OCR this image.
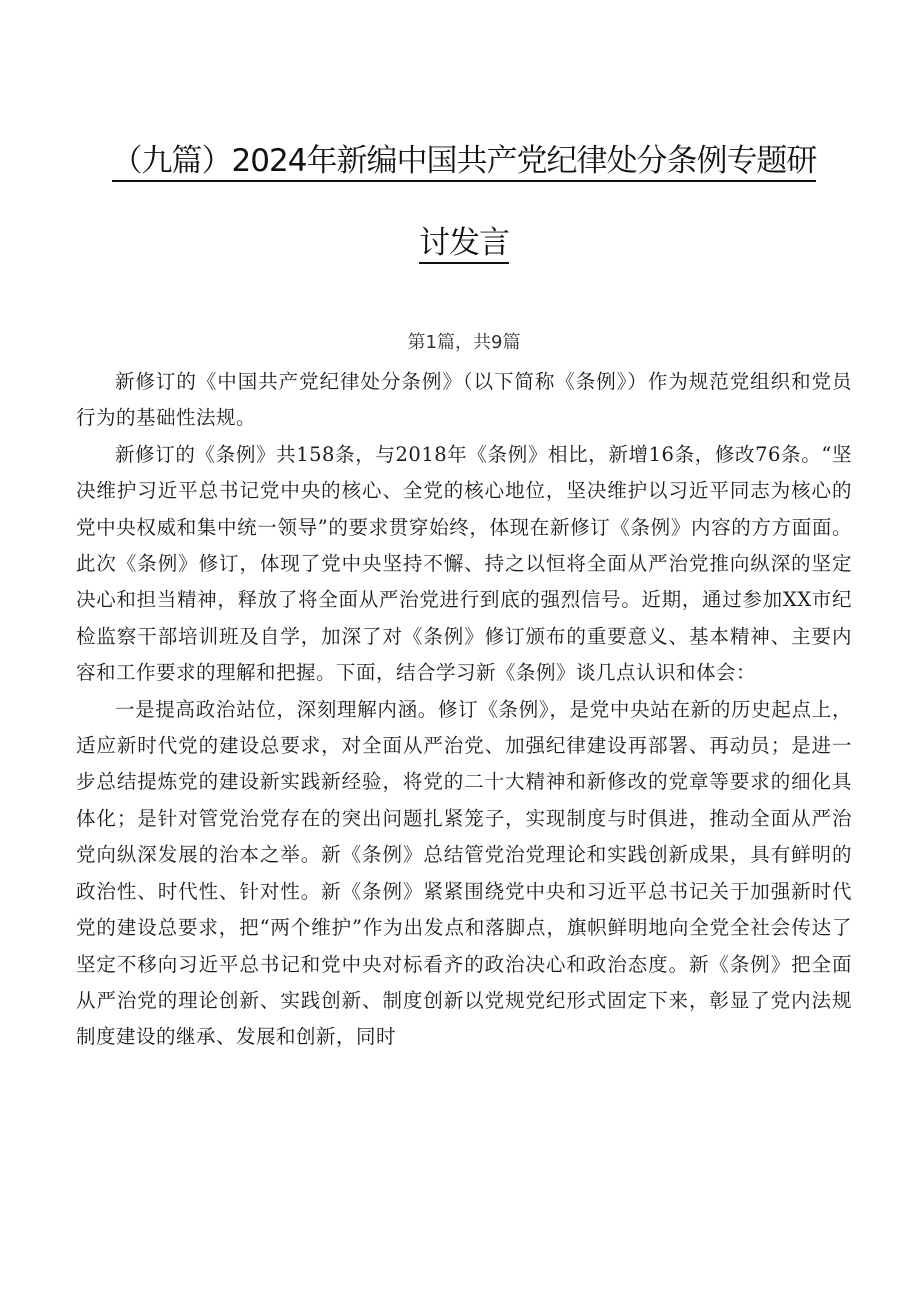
（九篇）2024年新编中国共产党纪律处分条例专题研
讨发言
第1篇，共9篇

新修订的《中国共产党纪律处分条例》（以下简称《条例》）作为规范党组织和党员行为的基础性法规。

新修订的《条例》共158条，与2018年《条例》相比，新增16条，修改76条。“坚决维护习近平总书记党中央的核心、全党的核心地位，坚决维护以习近平同志为核心的党中央权威和集中统一领导”的要求贯穿始终，体现在新修订《条例》内容的方方面面。此次《条例》修订，体现了党中央坚持不懈、持之以恒将全面从严治党推向纵深的坚定决心和担当精神，释放了将全面从严治党进行到底的强烈信号。近期，通过参加XX市纪检监察干部培训班及自学，加深了对《条例》修订颁布的重要意义、基本精神、主要内容和工作要求的理解和把握。下面，结合学习新《条例》谈几点认识和体会：

一是提高政治站位，深刻理解内涵。修订《条例》，是党中央站在新的历史起点上，适应新时代党的建设总要求，对全面从严治党、加强纪律建设再部署、再动员；是进一步总结提炼党的建设新实践新经验，将党的二十大精神和新修改的党章等要求的细化具体化；是针对管党治党存在的突出问题扎紧笼子，实现制度与时俱进，推动全面从严治党向纵深发展的治本之举。新《条例》总结管党治党理论和实践创新成果，具有鲜明的政治性、时代性、针对性。新《条例》紧紧围绕党中央和习近平总书记关于加强新时代党的建设总要求，把“两个维护”作为出发点和落脚点，旗帜鲜明地向全党全社会传达了坚定不移向习近平总书记和党中央对标看齐的政治决心和政治态度。新《条例》把全面从严治党的理论创新、实践创新、制度创新以党规党纪形式固定下来，彰显了党内法规制度建设的继承、发展和创新，同时
